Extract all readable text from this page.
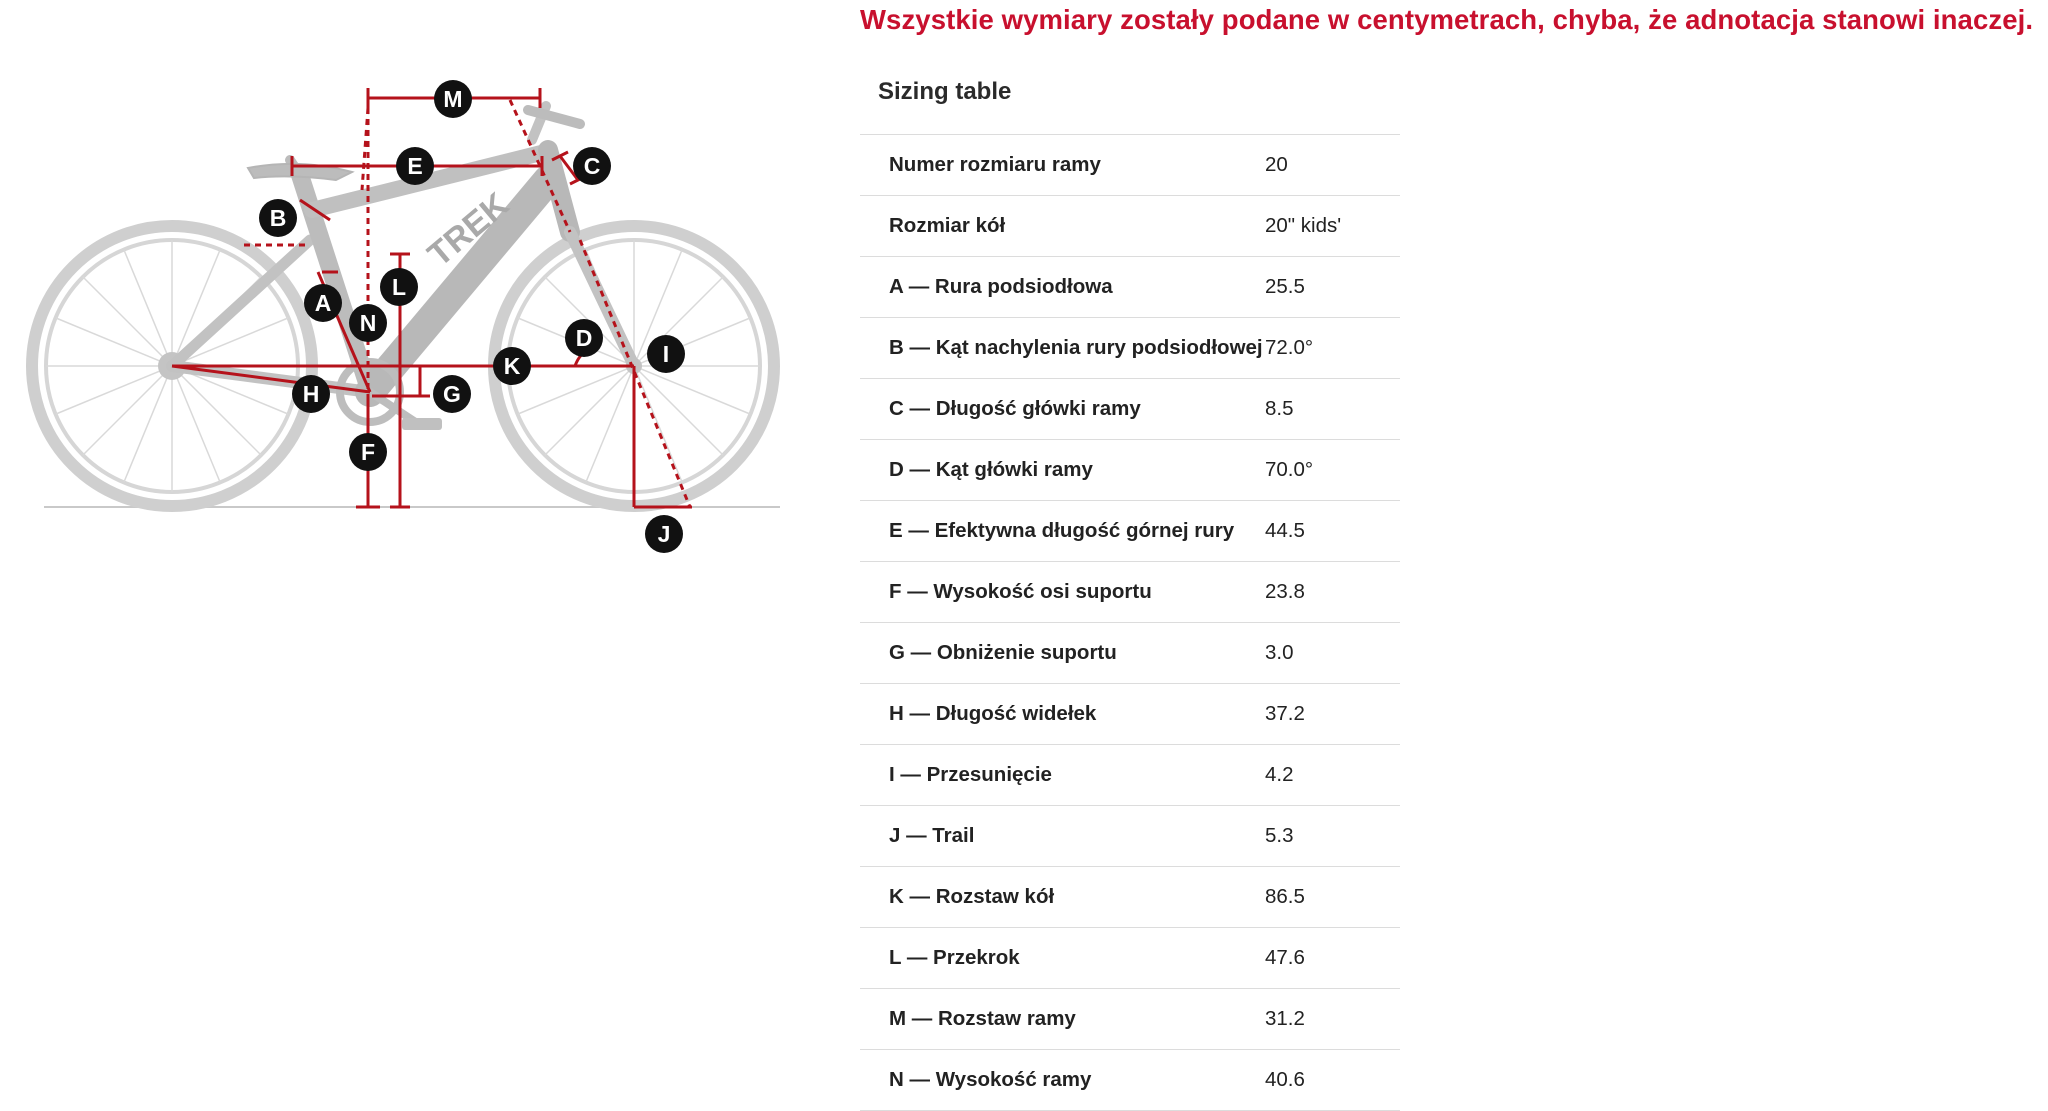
TREK
A
B
C
D
E
F
G
H
I
J
K
L
M
N
Wszystkie wymiary zostały podane w centymetrach, chyba, że adnotacja stanowi inaczej.
Sizing table
Numer rozmiaru ramy	20
Rozmiar kół	20" kids'
A — Rura podsiodłowa	25.5
B — Kąt nachylenia rury podsiodłowej 72.0°
C — Długość główki ramy	8.5
D — Kąt główki ramy	70.0°
E — Efektywna długość górnej rury	44.5
F — Wysokość osi suportu	23.8
G — Obniżenie suportu	3.0
H — Długość widełek	37.2
I — Przesunięcie	4.2
J — Trail	5.3
K — Rozstaw kół	86.5
L — Przekrok	47.6
M — Rozstaw ramy	31.2
N — Wysokość ramy	40.6
